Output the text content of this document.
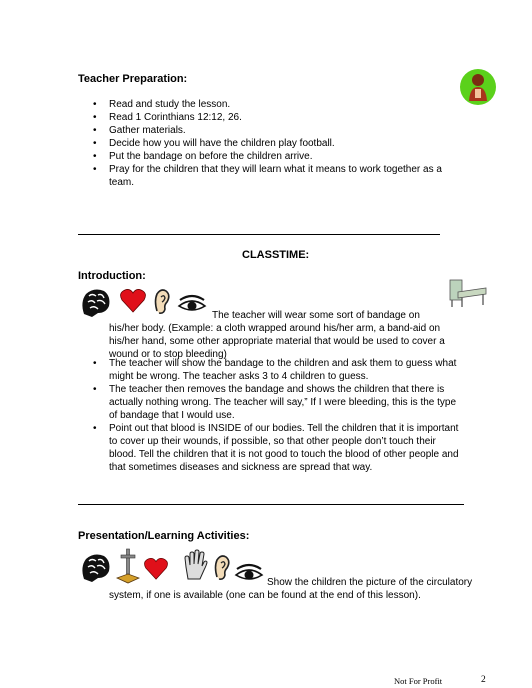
Teacher Preparation:
• Read and study the lesson.
• Read 1 Corinthians 12:12, 26.
• Gather materials.
• Decide how you will have the children play football.
• Put the bandage on before the children arrive.
• Pray for the children that they will learn what it means to work together as a team.
CLASSTIME:
Introduction:
The teacher will wear some sort of bandage on
his/her body. (Example: a cloth wrapped around his/her arm, a band-aid on his/her hand, some other appropriate material that would be used to cover a wound or to stop bleeding)
• The teacher will show the bandage to the children and ask them to guess what might be wrong. The teacher asks 3 to 4 children to guess.
• The teacher then removes the bandage and shows the children that there is actually nothing wrong. The teacher will say,” If I were bleeding, this is the type of bandage that I would use.
• Point out that blood is INSIDE of our bodies. Tell the children that it is important to cover up their wounds, if possible, so that other people don’t touch their blood. Tell the children that it is not good to touch the blood of other people and that sometimes diseases and sickness are spread that way.
Presentation/Learning Activities:
Show the children the picture of the circulatory
system, if one is available (one can be found at the end of this lesson).
Not For Profit	2
